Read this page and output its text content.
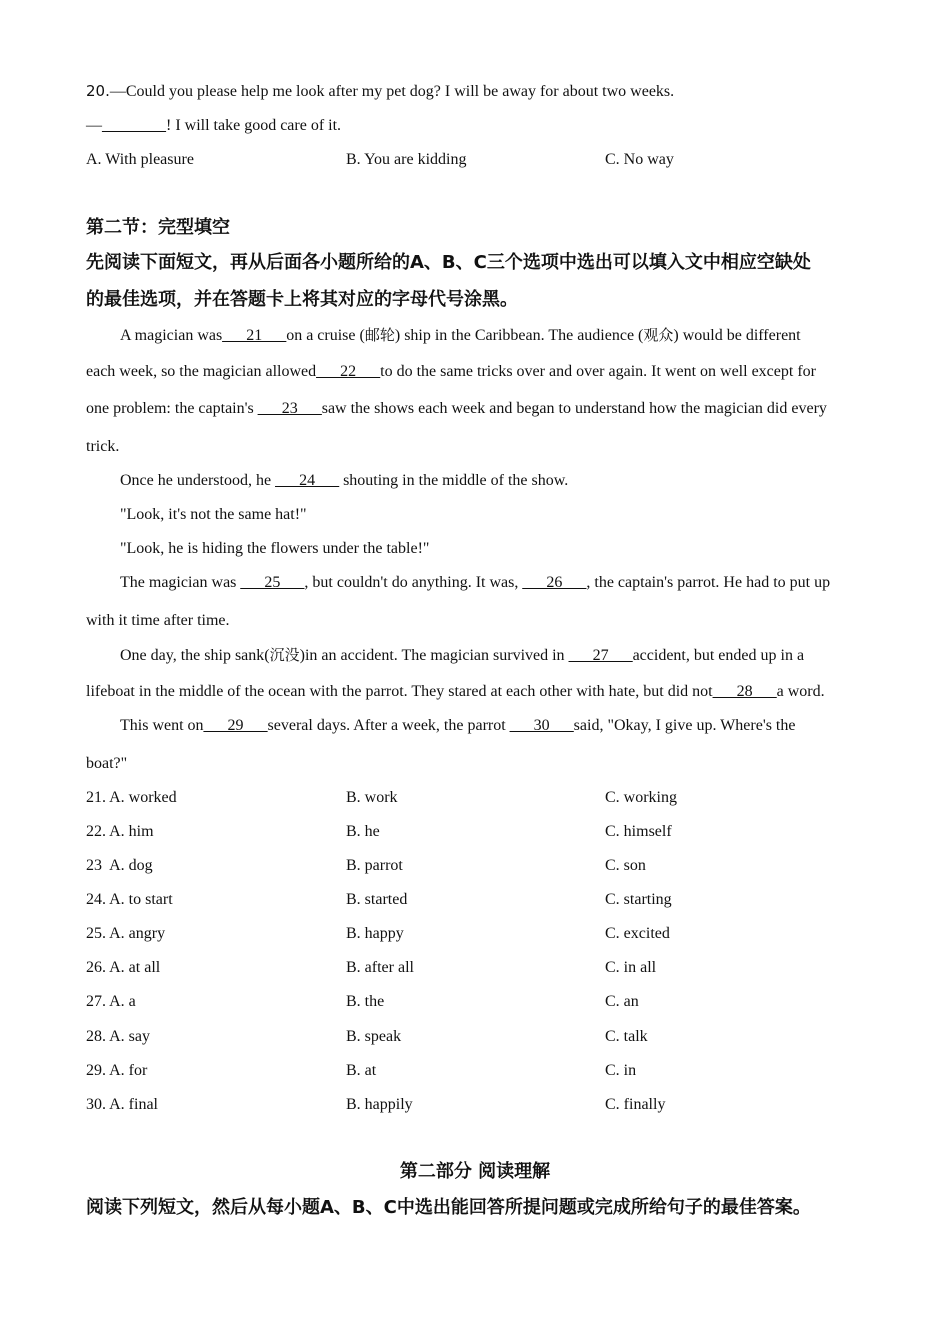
20.—Could you please help me look after my pet dog? I will be away for about two weeks.
—________! I will take good care of it.
A. With pleasure	B. You are kidding	C. No way
第二节：完型填空
先阅读下面短文，再从后面各小题所给的A、B、C三个选项中选出可以填入文中相应空缺处
的最佳选项，并在答题卡上将其对应的字母代号涂黑。
A magician was___21___on a cruise (邮轮) ship in the Caribbean. The audience (观众) would be different
each week, so the magician allowed___22___to do the same tricks over and over again. It went on well except for
one problem: the captain's ___23___saw the shows each week and began to understand how the magician did every
trick.
Once he understood, he ___24___ shouting in the middle of the show.
"Look, it's not the same hat!"
"Look, he is hiding the flowers under the table!"
The magician was ___25___, but couldn't do anything. It was, ___26___, the captain's parrot. He had to put up
with it time after time.
One day, the ship sank(沉没)in an accident. The magician survived in ___27___accident, but ended up in a
lifeboat in the middle of the ocean with the parrot. They stared at each other with hate, but did not___28___a word.
This went on___29___several days. After a week, the parrot ___30___said, "Okay, I give up. Where's the
boat?"
21. A. worked	B. work	C. working
22. A. him	B. he	C. himself
23  A. dog	B. parrot	C. son
24. A. to start	B. started	C. starting
25. A. angry	B. happy	C. excited
26. A. at all	B. after all	C. in all
27. A. a	B. the	C. an
28. A. say	B. speak	C. talk
29. A. for	B. at	C. in
30. A. final	B. happily	C. finally
第二部分 阅读理解
阅读下列短文，然后从每小题A、B、C中选出能回答所提问题或完成所给句子的最佳答案。
